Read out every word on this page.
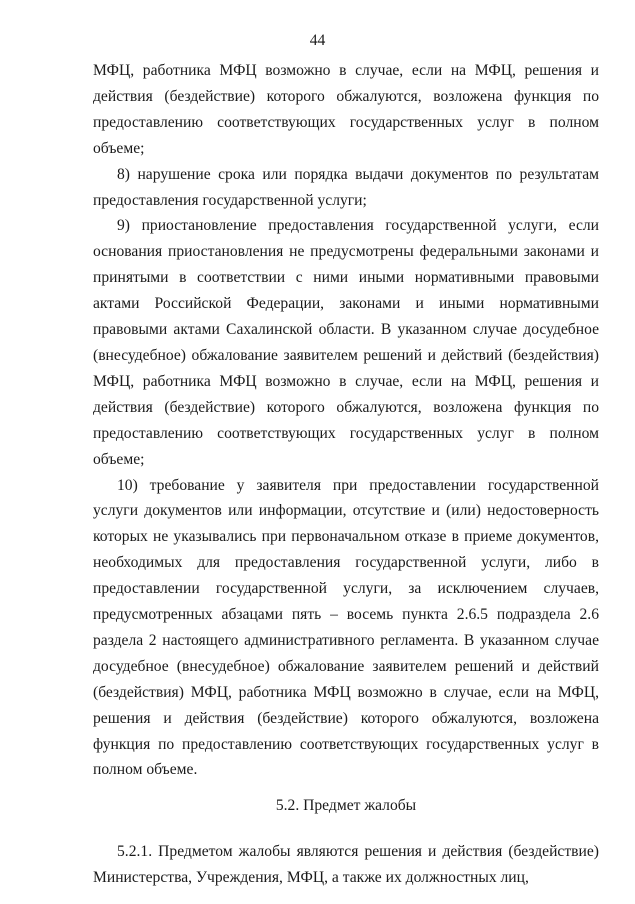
44

МФЦ, работника МФЦ возможно в случае, если на МФЦ, решения и действия (бездействие) которого обжалуются, возложена функция по предоставлению соответствующих государственных услуг в полном объеме;

8) нарушение срока или порядка выдачи документов по результатам предоставления государственной услуги;

9) приостановление предоставления государственной услуги, если основания приостановления не предусмотрены федеральными законами и принятыми в соответствии с ними иными нормативными правовыми актами Российской Федерации, законами и иными нормативными правовыми актами Сахалинской области. В указанном случае досудебное (внесудебное) обжалование заявителем решений и действий (бездействия) МФЦ, работника МФЦ возможно в случае, если на МФЦ, решения и действия (бездействие) которого обжалуются, возложена функция по предоставлению соответствующих государственных услуг в полном объеме;

10) требование у заявителя при предоставлении государственной услуги документов или информации, отсутствие и (или) недостоверность которых не указывались при первоначальном отказе в приеме документов, необходимых для предоставления государственной услуги, либо в предоставлении государственной услуги, за исключением случаев, предусмотренных абзацами пять – восемь пункта 2.6.5 подраздела 2.6 раздела 2 настоящего административного регламента. В указанном случае досудебное (внесудебное) обжалование заявителем решений и действий (бездействия) МФЦ, работника МФЦ возможно в случае, если на МФЦ, решения и действия (бездействие) которого обжалуются, возложена функция по предоставлению соответствующих государственных услуг в полном объеме.

5.2. Предмет жалобы

5.2.1. Предметом жалобы являются решения и действия (бездействие) Министерства, Учреждения, МФЦ, а также их должностных лиц,
